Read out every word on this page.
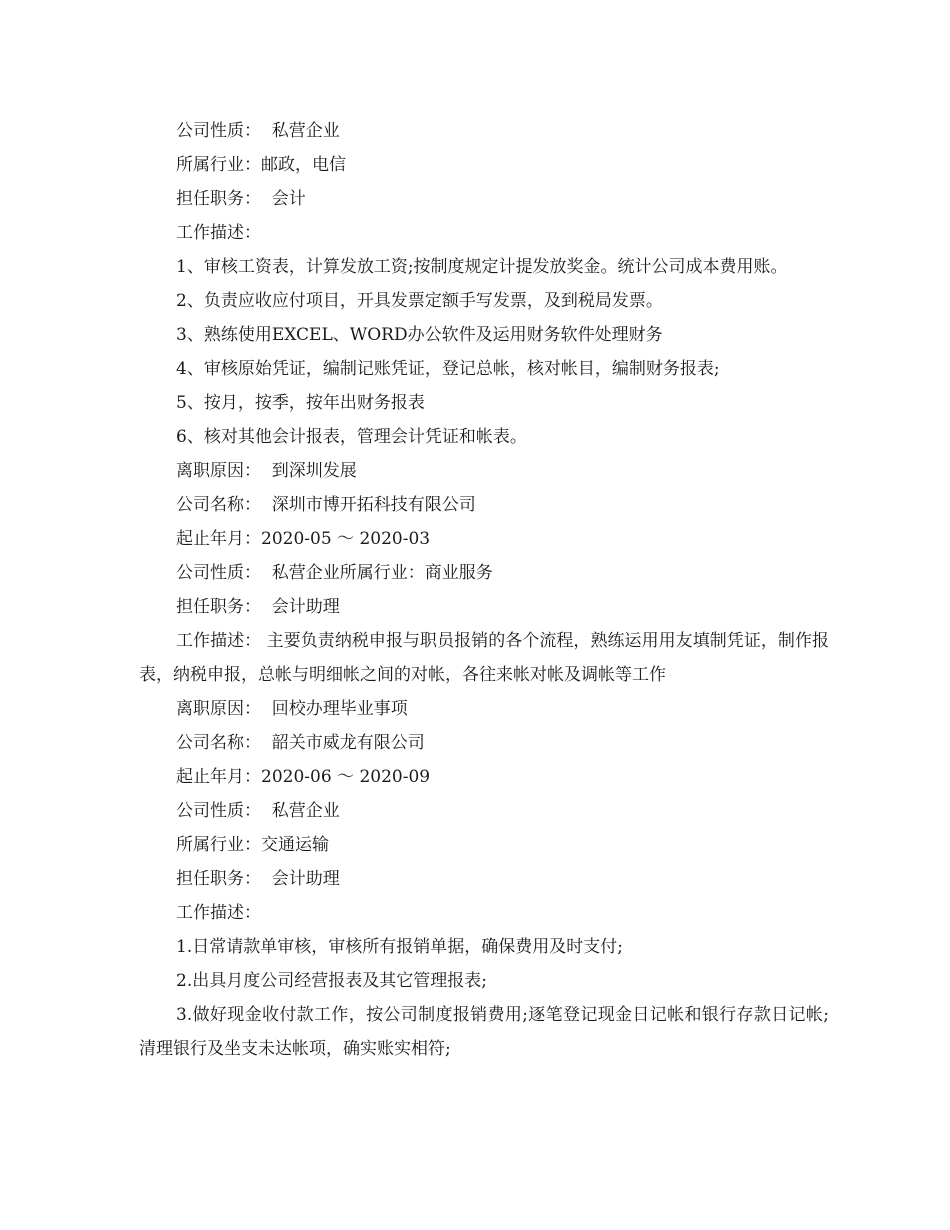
公司性质：  私营企业

所属行业：邮政，电信

担任职务：  会计

工作描述：

1、审核工资表，计算发放工资;按制度规定计提发放奖金。统计公司成本费用账。

2、负责应收应付项目，开具发票定额手写发票，及到税局发票。

3、熟练使用EXCEL、WORD办公软件及运用财务软件处理财务

4、审核原始凭证，编制记账凭证，登记总帐，核对帐目，编制财务报表;

5、按月，按季，按年出财务报表

6、核对其他会计报表，管理会计凭证和帐表。

离职原因：  到深圳发展

公司名称：  深圳市博开拓科技有限公司

起止年月：2020-05 ～ 2020-03

公司性质：  私营企业所属行业：商业服务

担任职务：  会计助理

工作描述： 主要负责纳税申报与职员报销的各个流程，熟练运用用友填制凭证，制作报表，纳税申报，总帐与明细帐之间的对帐，各往来帐对帐及调帐等工作

离职原因：  回校办理毕业事项

公司名称：  韶关市威龙有限公司

起止年月：2020-06 ～ 2020-09

公司性质：  私营企业

所属行业：交通运输

担任职务：  会计助理

工作描述：

1.日常请款单审核，审核所有报销单据，确保费用及时支付;

2.出具月度公司经营报表及其它管理报表;

3.做好现金收付款工作，按公司制度报销费用;逐笔登记现金日记帐和银行存款日记帐;清理银行及坐支未达帐项，确实账实相符;
